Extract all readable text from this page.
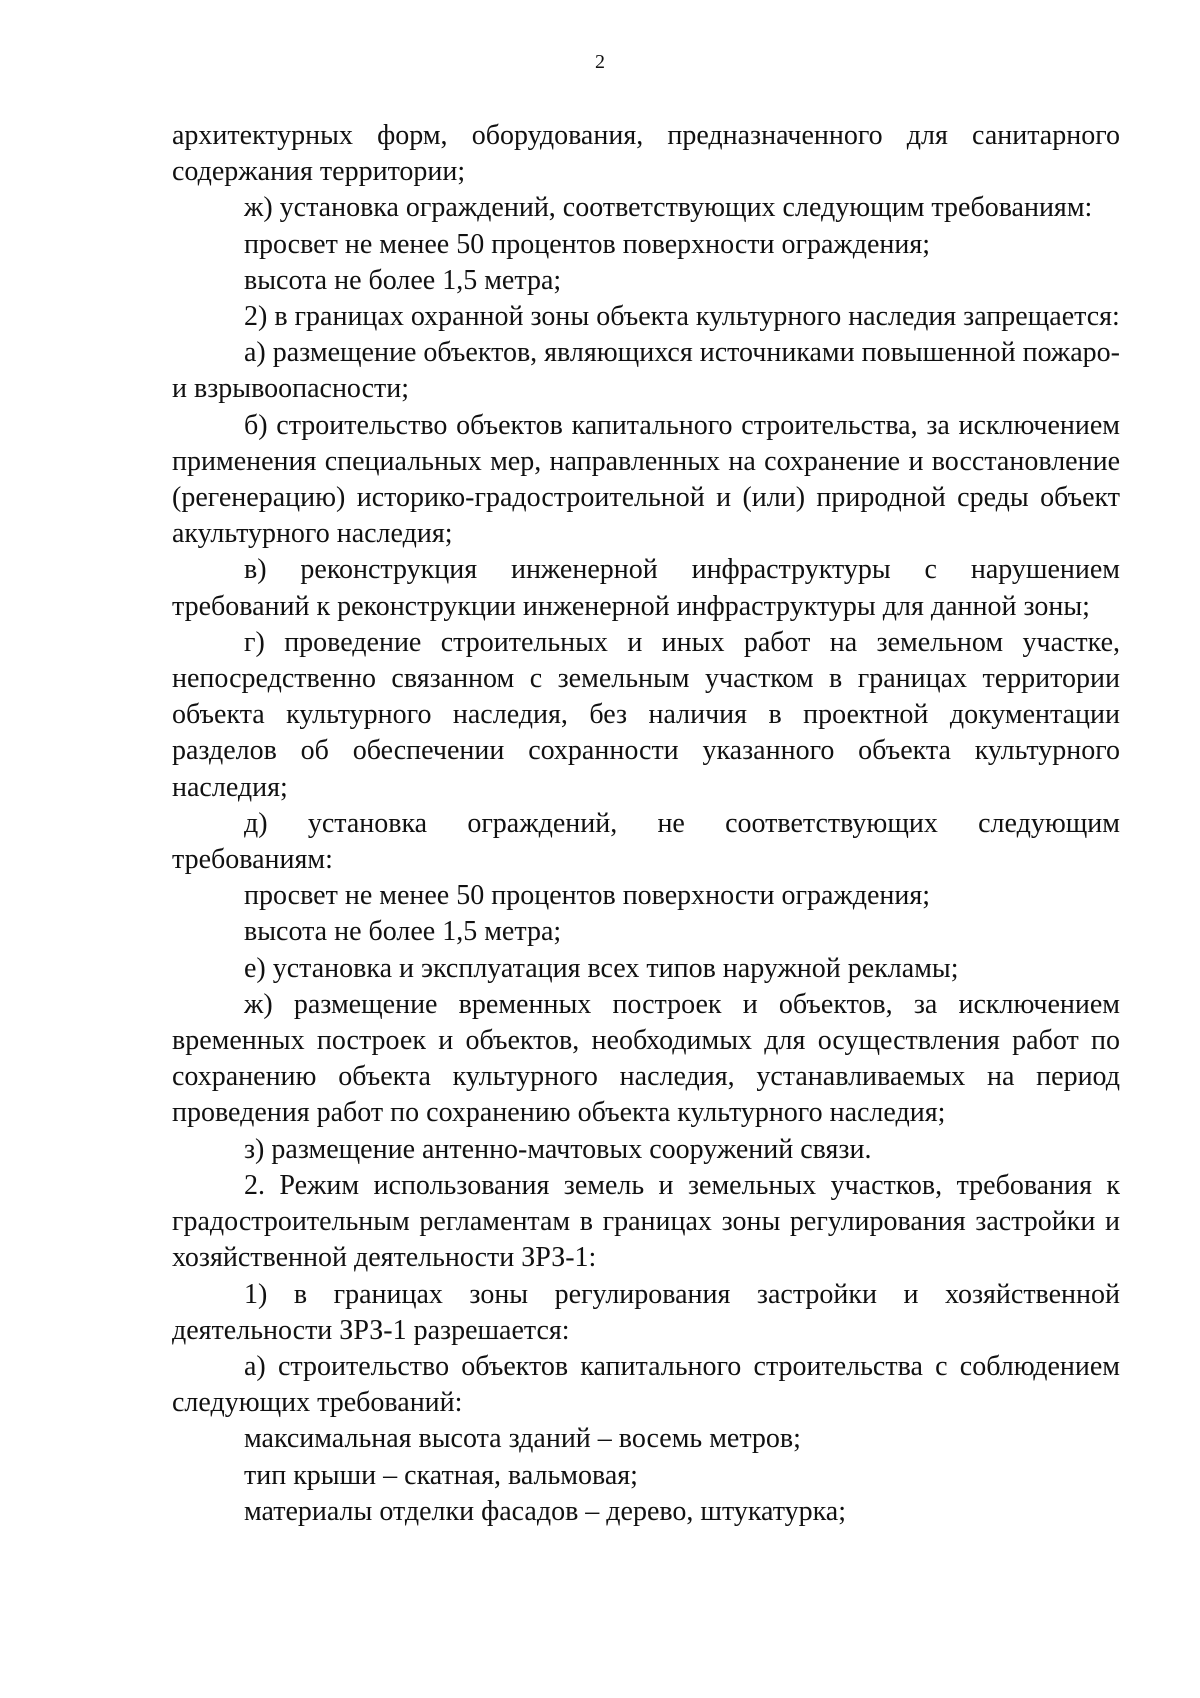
2

архитектурных форм, оборудования, предназначенного для санитарного содержания территории;

ж) установка ограждений, соответствующих следующим требованиям:

просвет не менее 50 процентов поверхности ограждения;

высота не более 1,5 метра;

2) в границах охранной зоны объекта культурного наследия запрещается:

а) размещение объектов, являющихся источниками повышенной пожаро-и взрывоопасности;

б) строительство объектов капитального строительства, за исключением применения специальных мер, направленных на сохранение и восстановление (регенерацию) историко-градостроительной и (или) природной среды объект акультурного наследия;

в) реконструкция инженерной инфраструктуры с нарушением требований к реконструкции инженерной инфраструктуры для данной зоны;

г) проведение строительных и иных работ на земельном участке, непосредственно связанном с земельным участком в границах территории объекта культурного наследия, без наличия в проектной документации разделов об обеспечении сохранности указанного объекта культурного наследия;

д) установка ограждений, не соответствующих следующим требованиям:

просвет не менее 50 процентов поверхности ограждения;

высота не более 1,5 метра;

е) установка и эксплуатация всех типов наружной рекламы;

ж) размещение временных построек и объектов, за исключением временных построек и объектов, необходимых для осуществления работ по сохранению объекта культурного наследия, устанавливаемых на период проведения работ по сохранению объекта культурного наследия;

з) размещение антенно-мачтовых сооружений связи.

2. Режим использования земель и земельных участков, требования к градостроительным регламентам в границах зоны регулирования застройки и хозяйственной деятельности ЗРЗ-1:

1) в границах зоны регулирования застройки и хозяйственной деятельности ЗРЗ-1 разрешается:

а) строительство объектов капитального строительства с соблюдением следующих требований:

максимальная высота зданий – восемь метров;

тип крыши – скатная, вальмовая;

материалы отделки фасадов – дерево, штукатурка;
